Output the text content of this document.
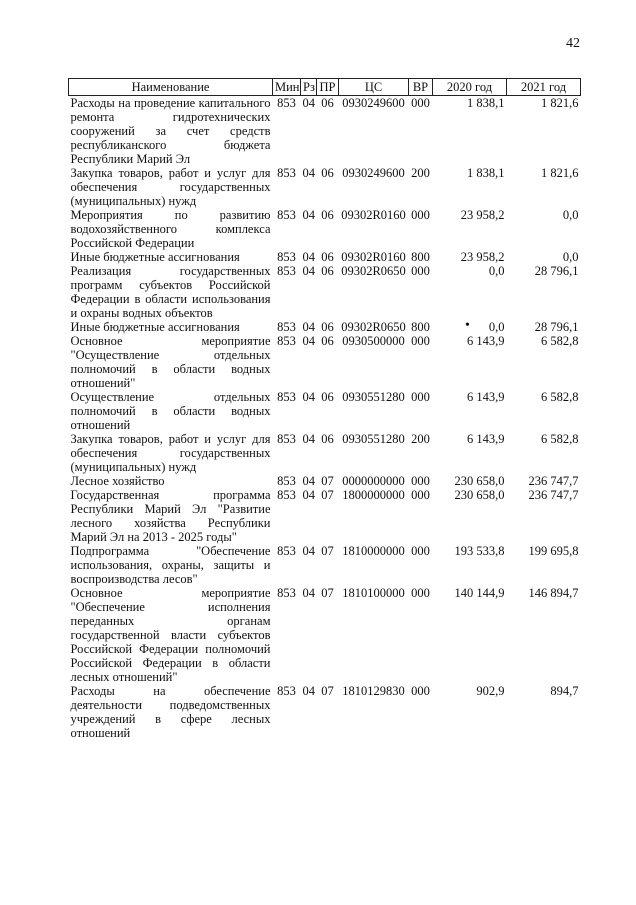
42
Наименование	Мин	Рз	ПР	ЦС	ВР	2020 год	2021 год
Расходы на проведение капитального ремонта гидротехнических сооружений за счет средств республиканского бюджета Республики Марий Эл	853	04	06	0930249600	000	1 838,1	1 821,6
Закупка товаров, работ и услуг для обеспечения государственных (муниципальных) нужд	853	04	06	0930249600	200	1 838,1	1 821,6
Мероприятия по развитию водохозяйственного комплекса Российской Федерации	853	04	06	09302R0160	000	23 958,2	0,0
Иные бюджетные ассигнования	853	04	06	09302R0160	800	23 958,2	0,0
Реализация государственных программ субъектов Российской Федерации в области использования и охраны водных объектов	853	04	06	09302R0650	000	0,0	28 796,1
Иные бюджетные ассигнования	853	04	06	09302R0650	800	0,0	28 796,1
Основное мероприятие "Осуществление отдельных полномочий в области водных отношений"	853	04	06	0930500000	000	6 143,9	6 582,8
Осуществление отдельных полномочий в области водных отношений	853	04	06	0930551280	000	6 143,9	6 582,8
Закупка товаров, работ и услуг для обеспечения государственных (муниципальных) нужд	853	04	06	0930551280	200	6 143,9	6 582,8
Лесное хозяйство	853	04	07	0000000000	000	230 658,0	236 747,7
Государственная программа Республики Марий Эл "Развитие лесного хозяйства Республики Марий Эл на 2013 - 2025 годы"	853	04	07	1800000000	000	230 658,0	236 747,7
Подпрограмма "Обеспечение использования, охраны, защиты и воспроизводства лесов"	853	04	07	1810000000	000	193 533,8	199 695,8
Основное мероприятие "Обеспечение исполнения переданных органам государственной власти субъектов Российской Федерации полномочий Российской Федерации в области лесных отношений"	853	04	07	1810100000	000	140 144,9	146 894,7
Расходы на обеспечение деятельности подведомственных учреждений в сфере лесных отношений	853	04	07	1810129830	000	902,9	894,7
•
